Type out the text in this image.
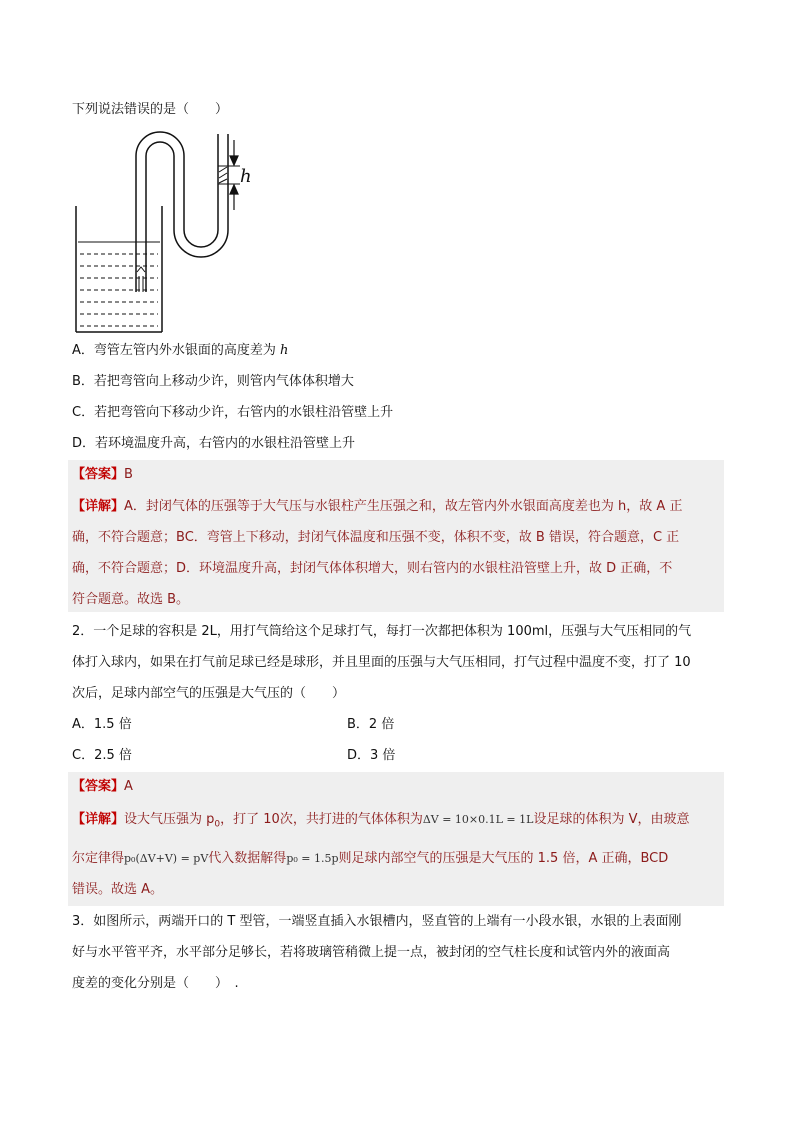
下列说法错误的是（　　）
h
A．弯管左管内外水银面的高度差为 h
B．若把弯管向上移动少许，则管内气体体积增大
C．若把弯管向下移动少许，右管内的水银柱沿管壁上升
D．若环境温度升高，右管内的水银柱沿管壁上升
【答案】B
【详解】A．封闭气体的压强等于大气压与水银柱产生压强之和，故左管内外水银面高度差也为 h，故 A 正
确，不符合题意；BC．弯管上下移动，封闭气体温度和压强不变，体积不变，故 B 错误，符合题意，C 正
确，不符合题意；D．环境温度升高，封闭气体体积增大，则右管内的水银柱沿管壁上升，故 D 正确，不
符合题意。故选 B。
2．一个足球的容积是 2L，用打气筒给这个足球打气，每打一次都把体积为 100ml，压强与大气压相同的气
体打入球内，如果在打气前足球已经是球形，并且里面的压强与大气压相同，打气过程中温度不变，打了 10
次后，足球内部空气的压强是大气压的（　　）
A．1.5 倍	B．2 倍
C．2.5 倍	D．3 倍
【答案】A
【详解】设大气压强为 $p_0$，打了 10次，共打进的气体体积为ΔV = 10×0.1L = 1L设足球的体积为 V，由玻意
尔定律得p₀(ΔV+V) = pV代入数据解得p₀ = 1.5p则足球内部空气的压强是大气压的 1.5 倍，A 正确，BCD
错误。故选 A。
3．如图所示，两端开口的 T 型管，一端竖直插入水银槽内，竖直管的上端有一小段水银，水银的上表面刚
好与水平管平齐，水平部分足够长，若将玻璃管稍微上提一点，被封闭的空气柱长度和试管内外的液面高
度差的变化分别是（　　）　.
